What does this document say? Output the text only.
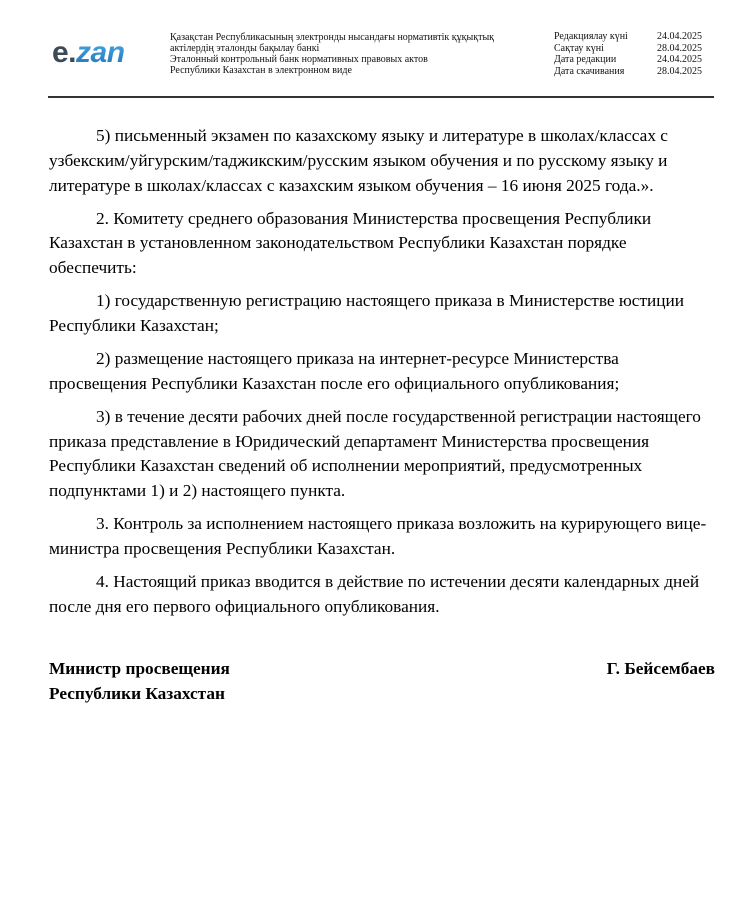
e.zan	Қазақстан Республикасының электронды нысандағы нормативтік құқықтық
актілердің эталонды бақылау банкі
Эталонный контрольный банк нормативных правовых актов
Республики Казахстан в электронном виде
Редакциялау күні	24.04.2025
Сақтау күні	28.04.2025
Дата редакции	24.04.2025
Дата скачивания	28.04.2025

5) письменный экзамен по казахскому языку и литературе в школах/классах с узбекским/уйгурским/таджикским/русским языком обучения и по русскому языку и литературе в школах/классах с казахским языком обучения – 16 июня 2025 года.».

2. Комитету среднего образования Министерства просвещения Республики Казахстан в установленном законодательством Республики Казахстан порядке обеспечить:

1) государственную регистрацию настоящего приказа в Министерстве юстиции Республики Казахстан;

2) размещение настоящего приказа на интернет-ресурсе Министерства просвещения Республики Казахстан после его официального опубликования;

3) в течение десяти рабочих дней после государственной регистрации настоящего приказа представление в Юридический департамент Министерства просвещения Республики Казахстан сведений об исполнении мероприятий, предусмотренных подпунктами 1) и 2) настоящего пункта.

3. Контроль за исполнением настоящего приказа возложить на курирующего вице-министра просвещения Республики Казахстан.

4. Настоящий приказ вводится в действие по истечении десяти календарных дней после дня его первого официального опубликования.

Министр просвещения
Республики Казахстан
Г. Бейсембаев
